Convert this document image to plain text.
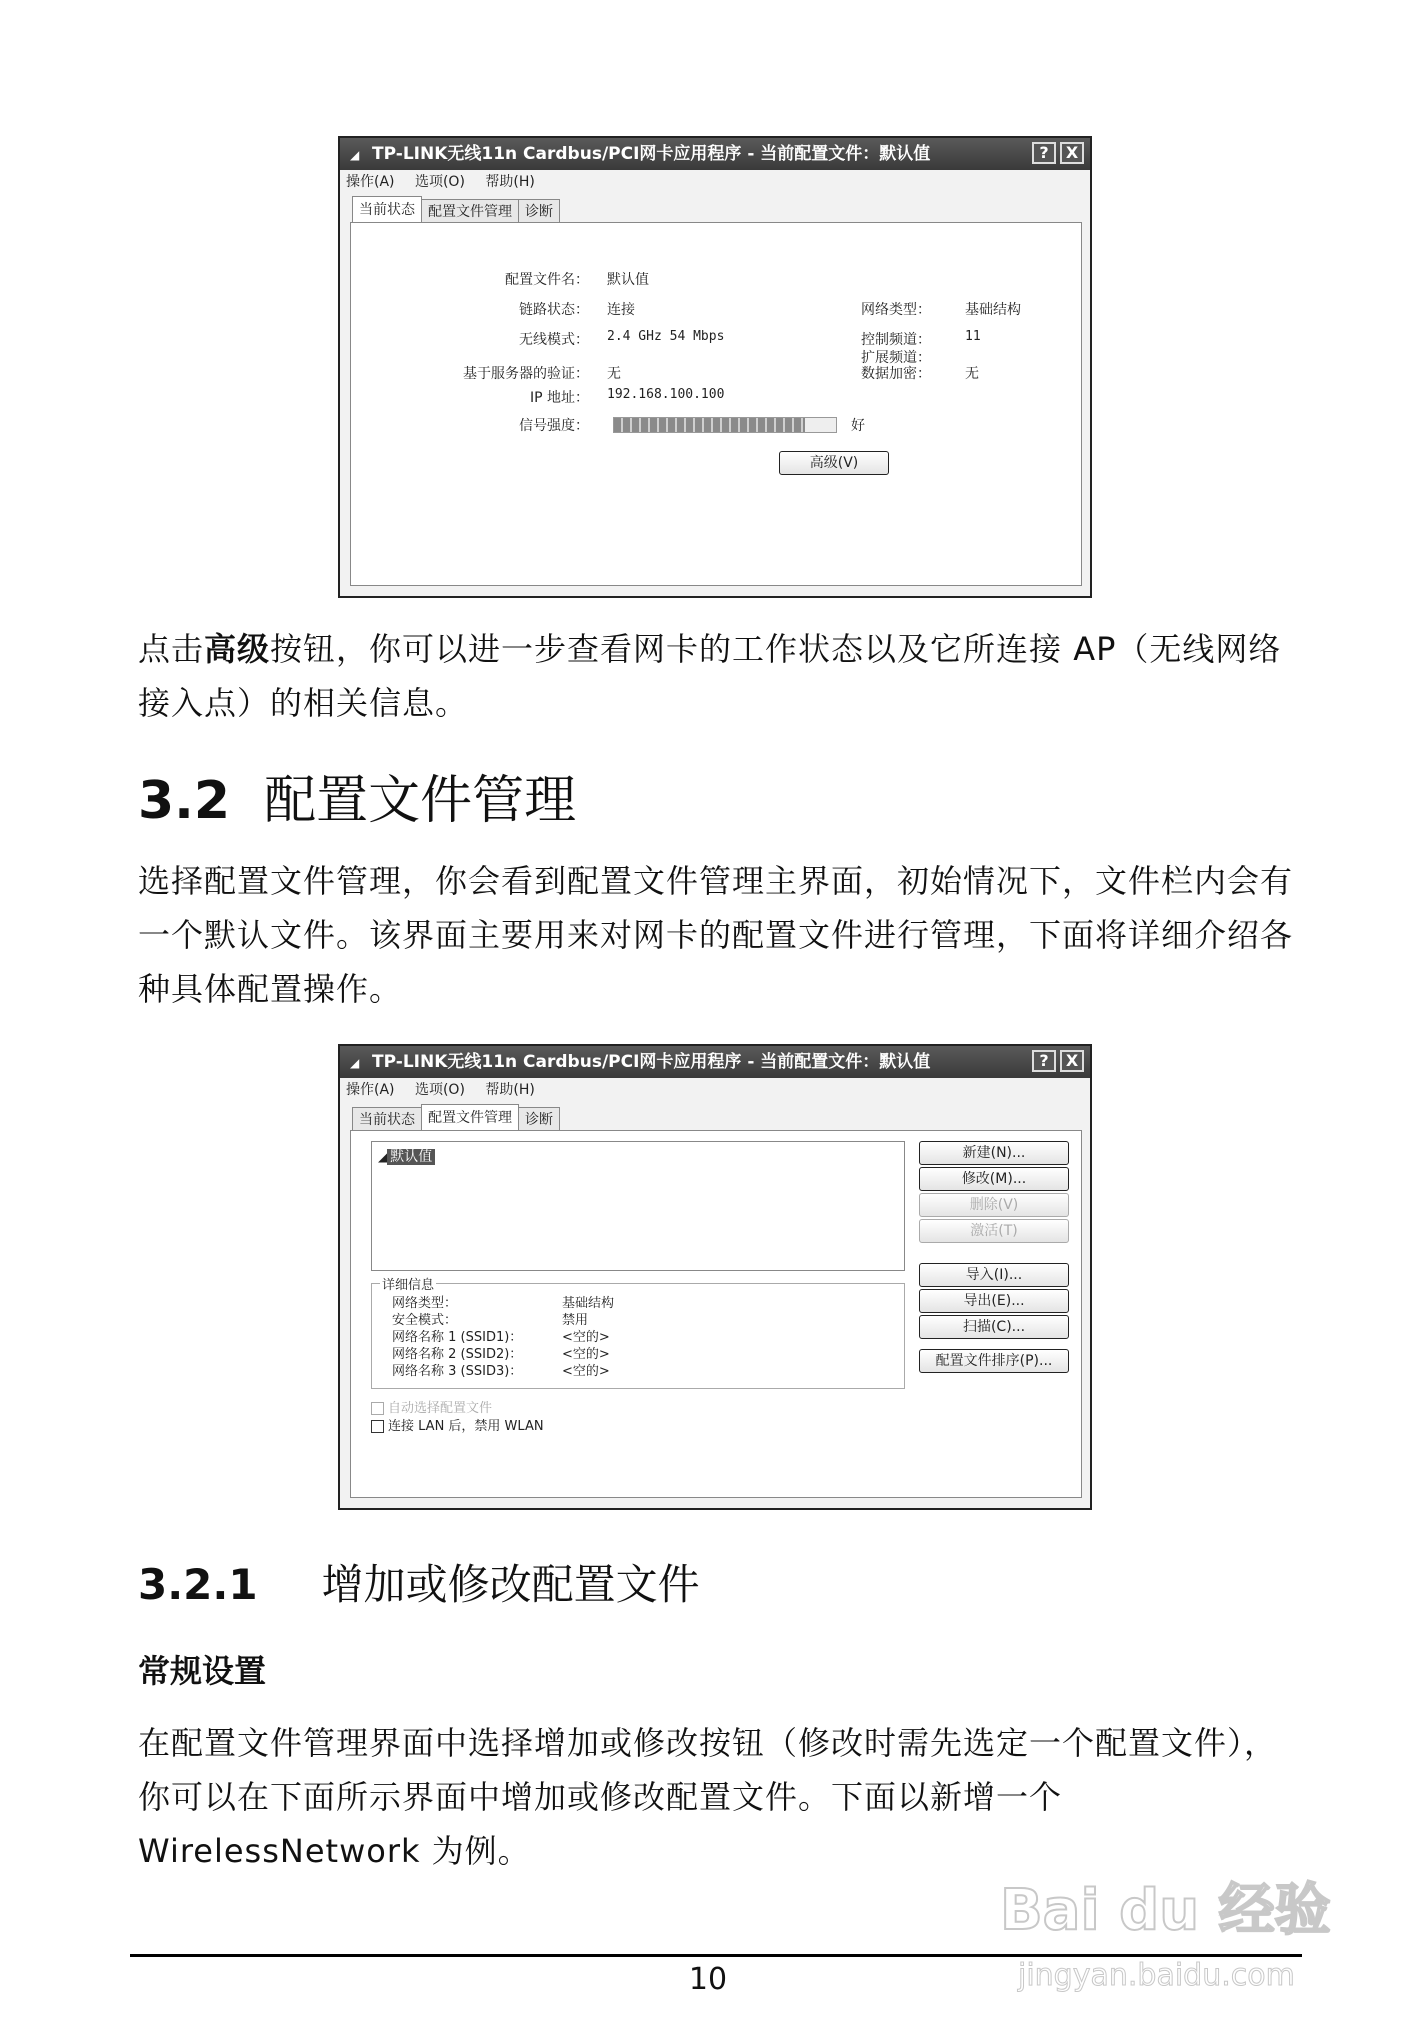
◢ TP-LINK无线11n Cardbus/PCI网卡应用程序 - 当前配置文件：默认值	?	X
操作(A) 选项(O) 帮助(H)
当前状态 配置文件管理 诊断
配置文件名： 默认值
链路状态： 连接	网络类型： 基础结构
无线模式： 2.4 GHz 54 Mbps	控制频道：	11
扩展频道：
基于服务器的验证： 无	数据加密： 无
IP 地址： 192.168.100.100
信号强度：	好
高级(V)
点击高级按钮，你可以进一步查看网卡的工作状态以及它所连接 AP（无线网络接入点）的相关信息。
3.2 配置文件管理
选择配置文件管理，你会看到配置文件管理主界面，初始情况下，文件栏内会有一个默认文件。该界面主要用来对网卡的配置文件进行管理，下面将详细介绍各种具体配置操作。
◢ TP-LINK无线11n Cardbus/PCI网卡应用程序 - 当前配置文件：默认值	?	X
操作(A) 选项(O) 帮助(H)
当前状态 配置文件管理 诊断
◢ 默认值	新建(N)...
修改(M)...
删除(V)
激活(T)
导入(I)...
导出(E)...
扫描(C)...
配置文件排序(P)...
详细信息
网络类型：	基础结构
安全模式：	禁用
网络名称 1 (SSID1)：	<空的>
网络名称 2 (SSID2)：	<空的>
网络名称 3 (SSID3)：	<空的>
自动选择配置文件
连接 LAN 后，禁用 WLAN
3.2.1 增加或修改配置文件
常规设置
在配置文件管理界面中选择增加或修改按钮（修改时需先选定一个配置文件），你可以在下面所示界面中增加或修改配置文件。下面以新增一个 WirelessNetwork 为例。
10
Bai du 经验
jingyan.baidu.com
